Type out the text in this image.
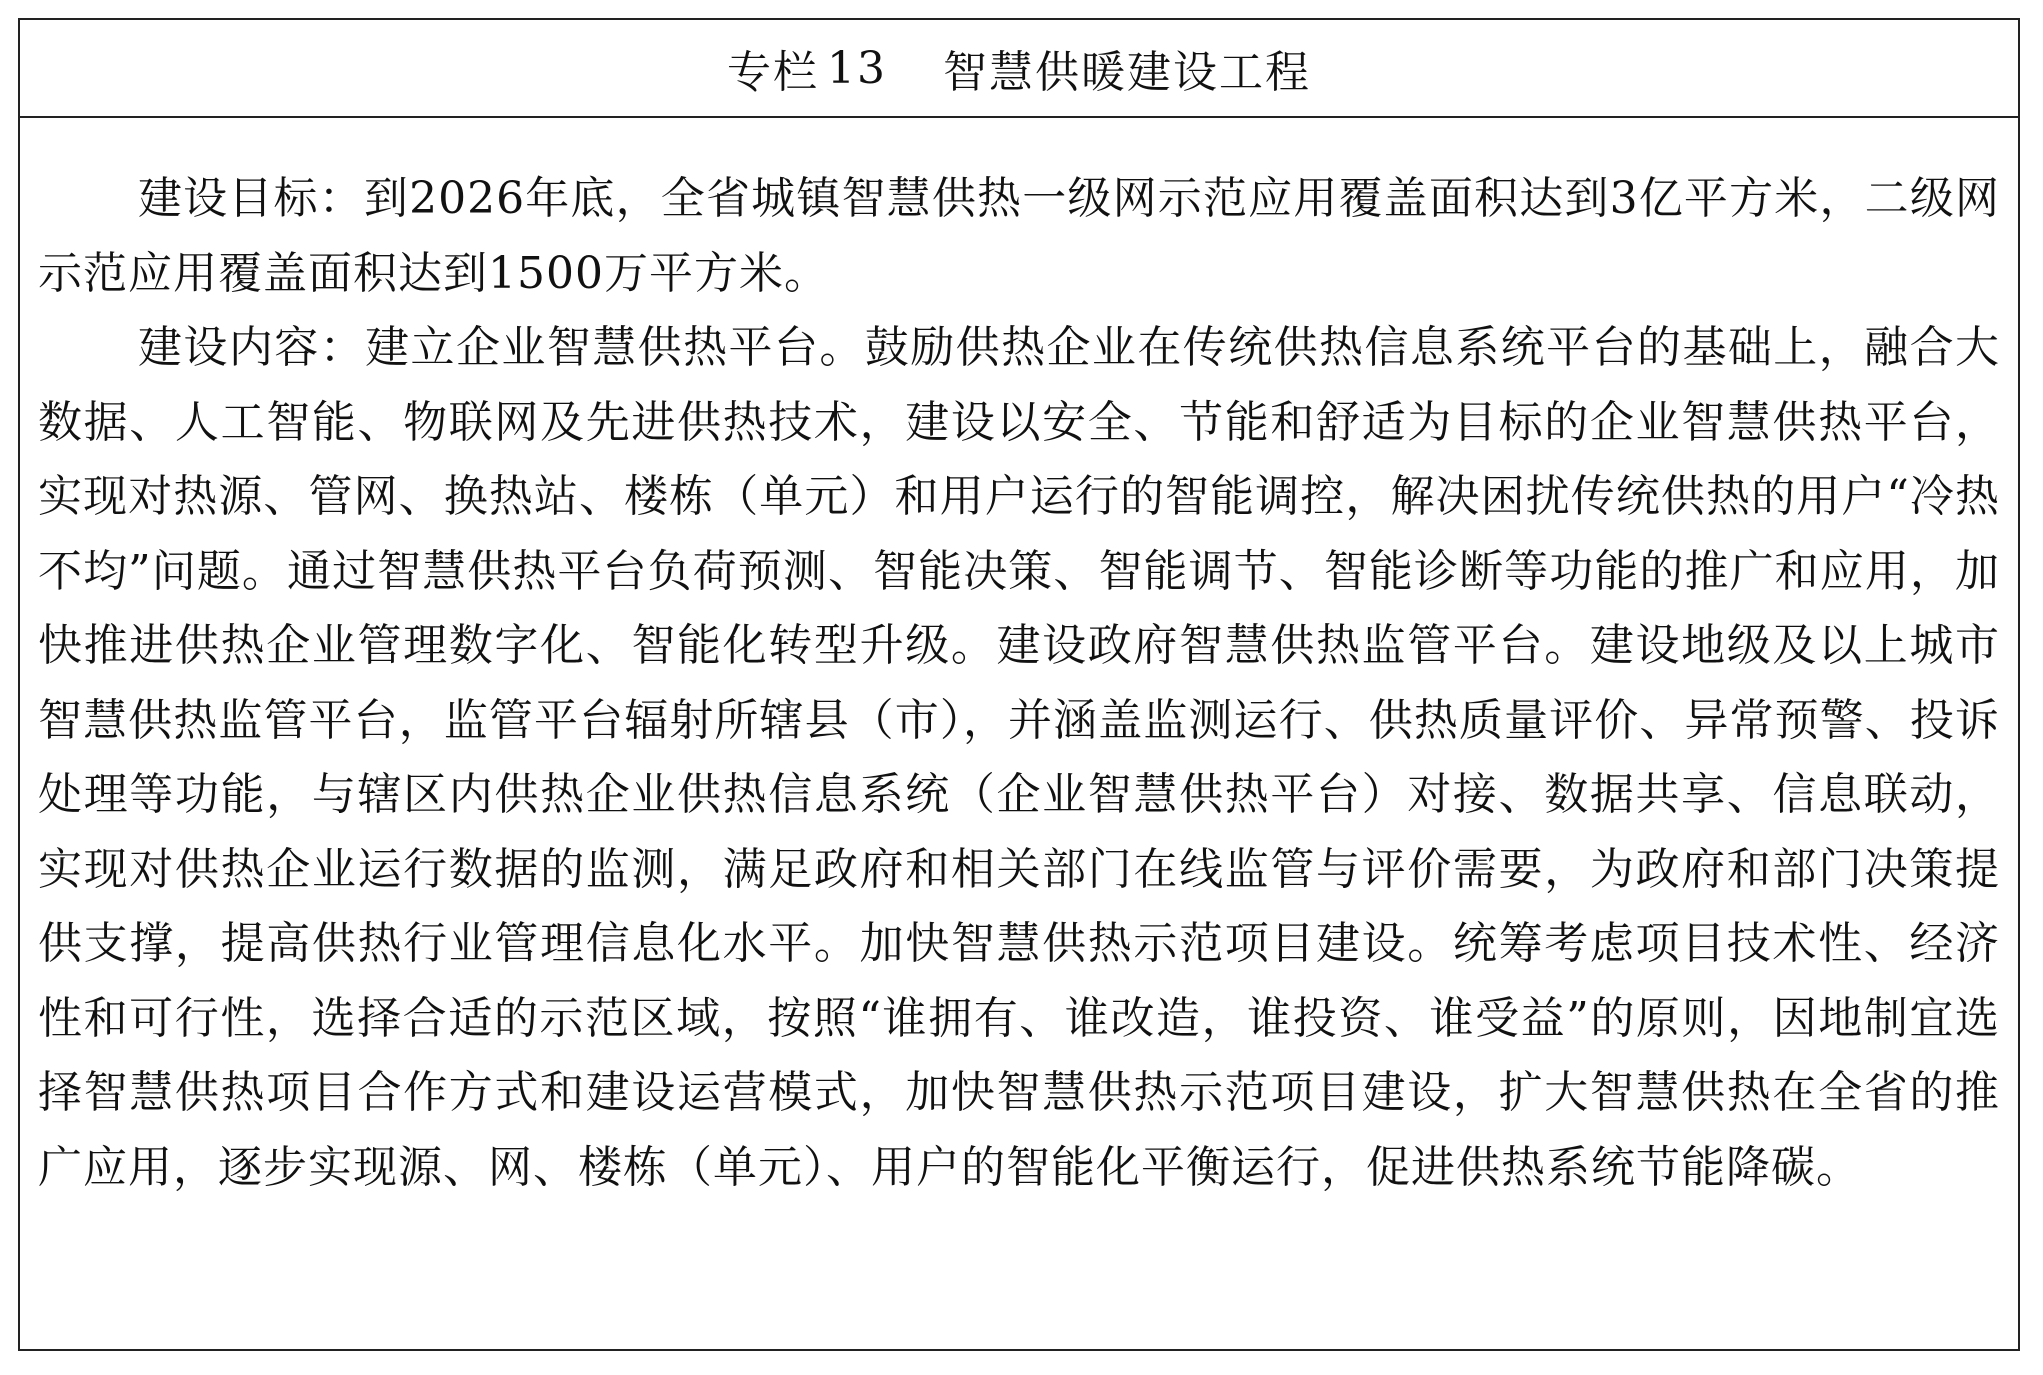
专栏 13 智慧供暖建设工程

建设目标：到2026年底，全省城镇智慧供热一级网示范应用覆盖面积达到3亿平方米，二级网示范应用覆盖面积达到1500万平方米。

建设内容：建立企业智慧供热平台。鼓励供热企业在传统供热信息系统平台的基础上，融合大数据、人工智能、物联网及先进供热技术，建设以安全、节能和舒适为目标的企业智慧供热平台，实现对热源、管网、换热站、楼栋（单元）和用户运行的智能调控，解决困扰传统供热的用户“冷热不均”问题。通过智慧供热平台负荷预测、智能决策、智能调节、智能诊断等功能的推广和应用，加快推进供热企业管理数字化、智能化转型升级。建设政府智慧供热监管平台。建设地级及以上城市智慧供热监管平台，监管平台辐射所辖县（市），并涵盖监测运行、供热质量评价、异常预警、投诉处理等功能，与辖区内供热企业供热信息系统（企业智慧供热平台）对接、数据共享、信息联动，实现对供热企业运行数据的监测，满足政府和相关部门在线监管与评价需要，为政府和部门决策提供支撑，提高供热行业管理信息化水平。加快智慧供热示范项目建设。统筹考虑项目技术性、经济性和可行性，选择合适的示范区域，按照“谁拥有、谁改造，谁投资、谁受益”的原则，因地制宜选择智慧供热项目合作方式和建设运营模式，加快智慧供热示范项目建设，扩大智慧供热在全省的推广应用，逐步实现源、网、楼栋（单元）、用户的智能化平衡运行，促进供热系统节能降碳。
